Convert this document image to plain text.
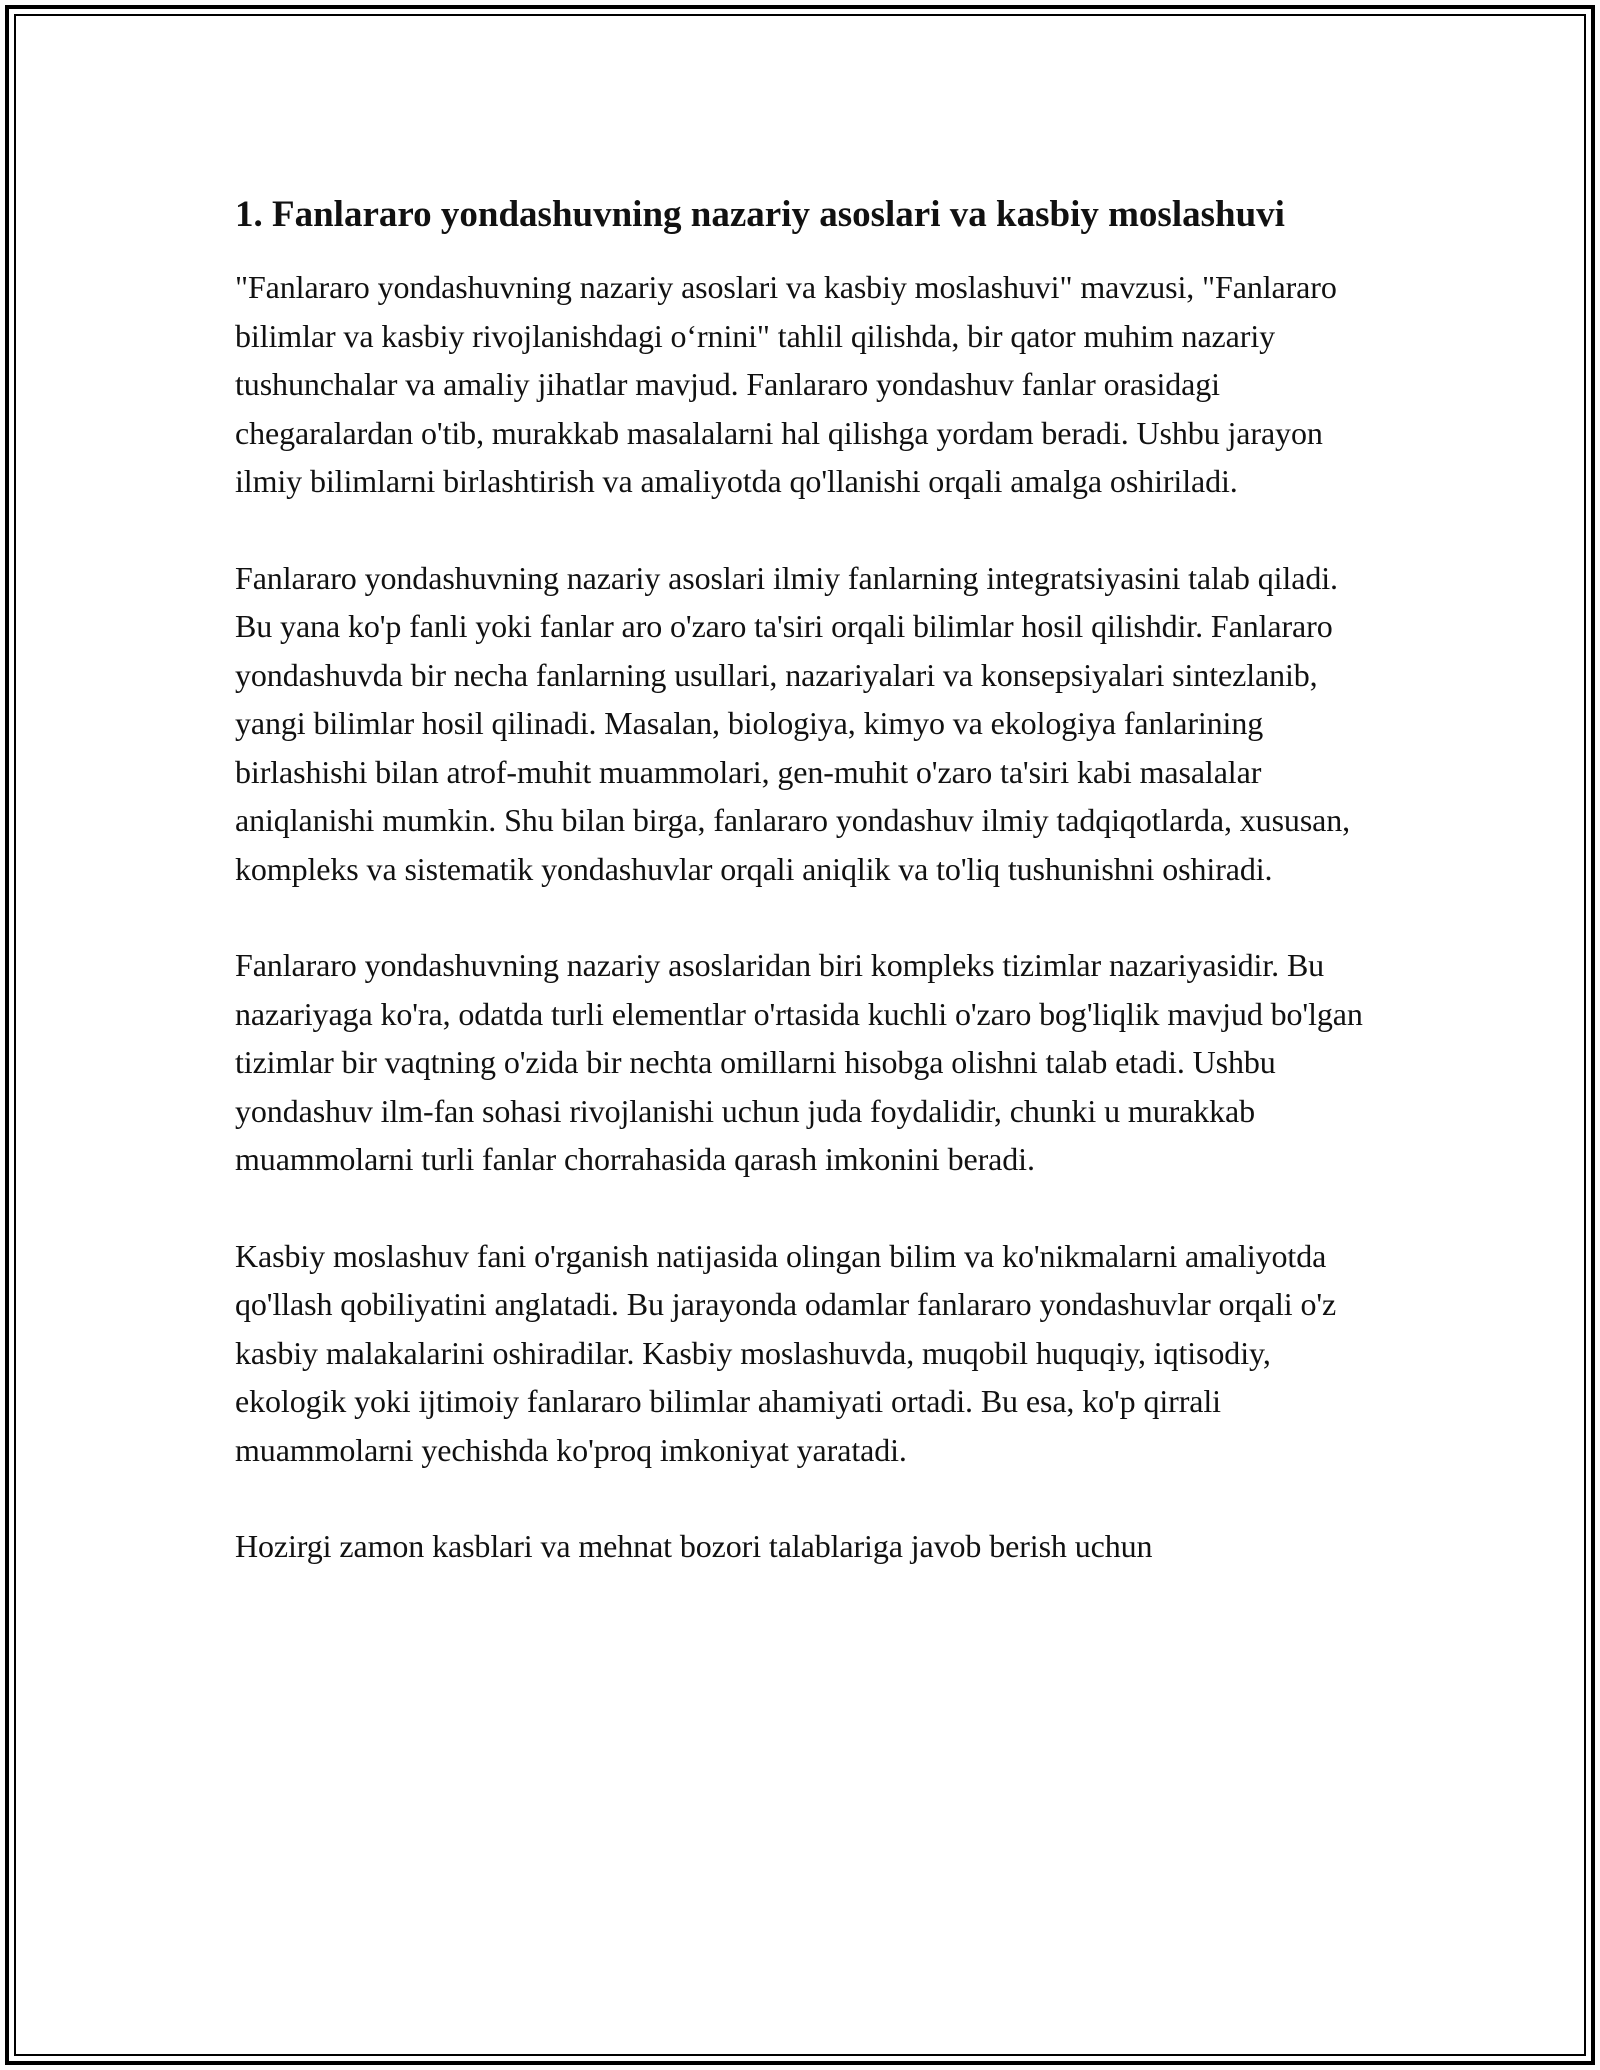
1. Fanlararo yondashuvning nazariy asoslari va kasbiy moslashuvi

"Fanlararo yondashuvning nazariy asoslari va kasbiy moslashuvi" mavzusi, "Fanlararo bilimlar va kasbiy rivojlanishdagi o‘rnini" tahlil qilishda, bir qator muhim nazariy tushunchalar va amaliy jihatlar mavjud. Fanlararo yondashuv fanlar orasidagi chegaralardan o'tib, murakkab masalalarni hal qilishga yordam beradi. Ushbu jarayon ilmiy bilimlarni birlashtirish va amaliyotda qo'llanishi orqali amalga oshiriladi.

Fanlararo yondashuvning nazariy asoslari ilmiy fanlarning integratsiyasini talab qiladi. Bu yana ko'p fanli yoki fanlar aro o'zaro ta'siri orqali bilimlar hosil qilishdir. Fanlararo yondashuvda bir necha fanlarning usullari, nazariyalari va konsepsiyalari sintezlanib, yangi bilimlar hosil qilinadi. Masalan, biologiya, kimyo va ekologiya fanlarining birlashishi bilan atrof-muhit muammolari, gen-muhit o'zaro ta'siri kabi masalalar aniqlanishi mumkin. Shu bilan birga, fanlararo yondashuv ilmiy tadqiqotlarda, xususan, kompleks va sistematik yondashuvlar orqali aniqlik va to'liq tushunishni oshiradi.

Fanlararo yondashuvning nazariy asoslaridan biri kompleks tizimlar nazariyasidir. Bu nazariyaga ko'ra, odatda turli elementlar o'rtasida kuchli o'zaro bog'liqlik mavjud bo'lgan tizimlar bir vaqtning o'zida bir nechta omillarni hisobga olishni talab etadi. Ushbu yondashuv ilm-fan sohasi rivojlanishi uchun juda foydalidir, chunki u murakkab muammolarni turli fanlar chorrahasida qarash imkonini beradi.

Kasbiy moslashuv fani o'rganish natijasida olingan bilim va ko'nikmalarni amaliyotda qo'llash qobiliyatini anglatadi. Bu jarayonda odamlar fanlararo yondashuvlar orqali o'z kasbiy malakalarini oshiradilar. Kasbiy moslashuvda, muqobil huquqiy, iqtisodiy, ekologik yoki ijtimoiy fanlararo bilimlar ahamiyati ortadi. Bu esa, ko'p qirrali muammolarni yechishda ko'proq imkoniyat yaratadi.

Hozirgi zamon kasblari va mehnat bozori talablariga javob berish uchun
